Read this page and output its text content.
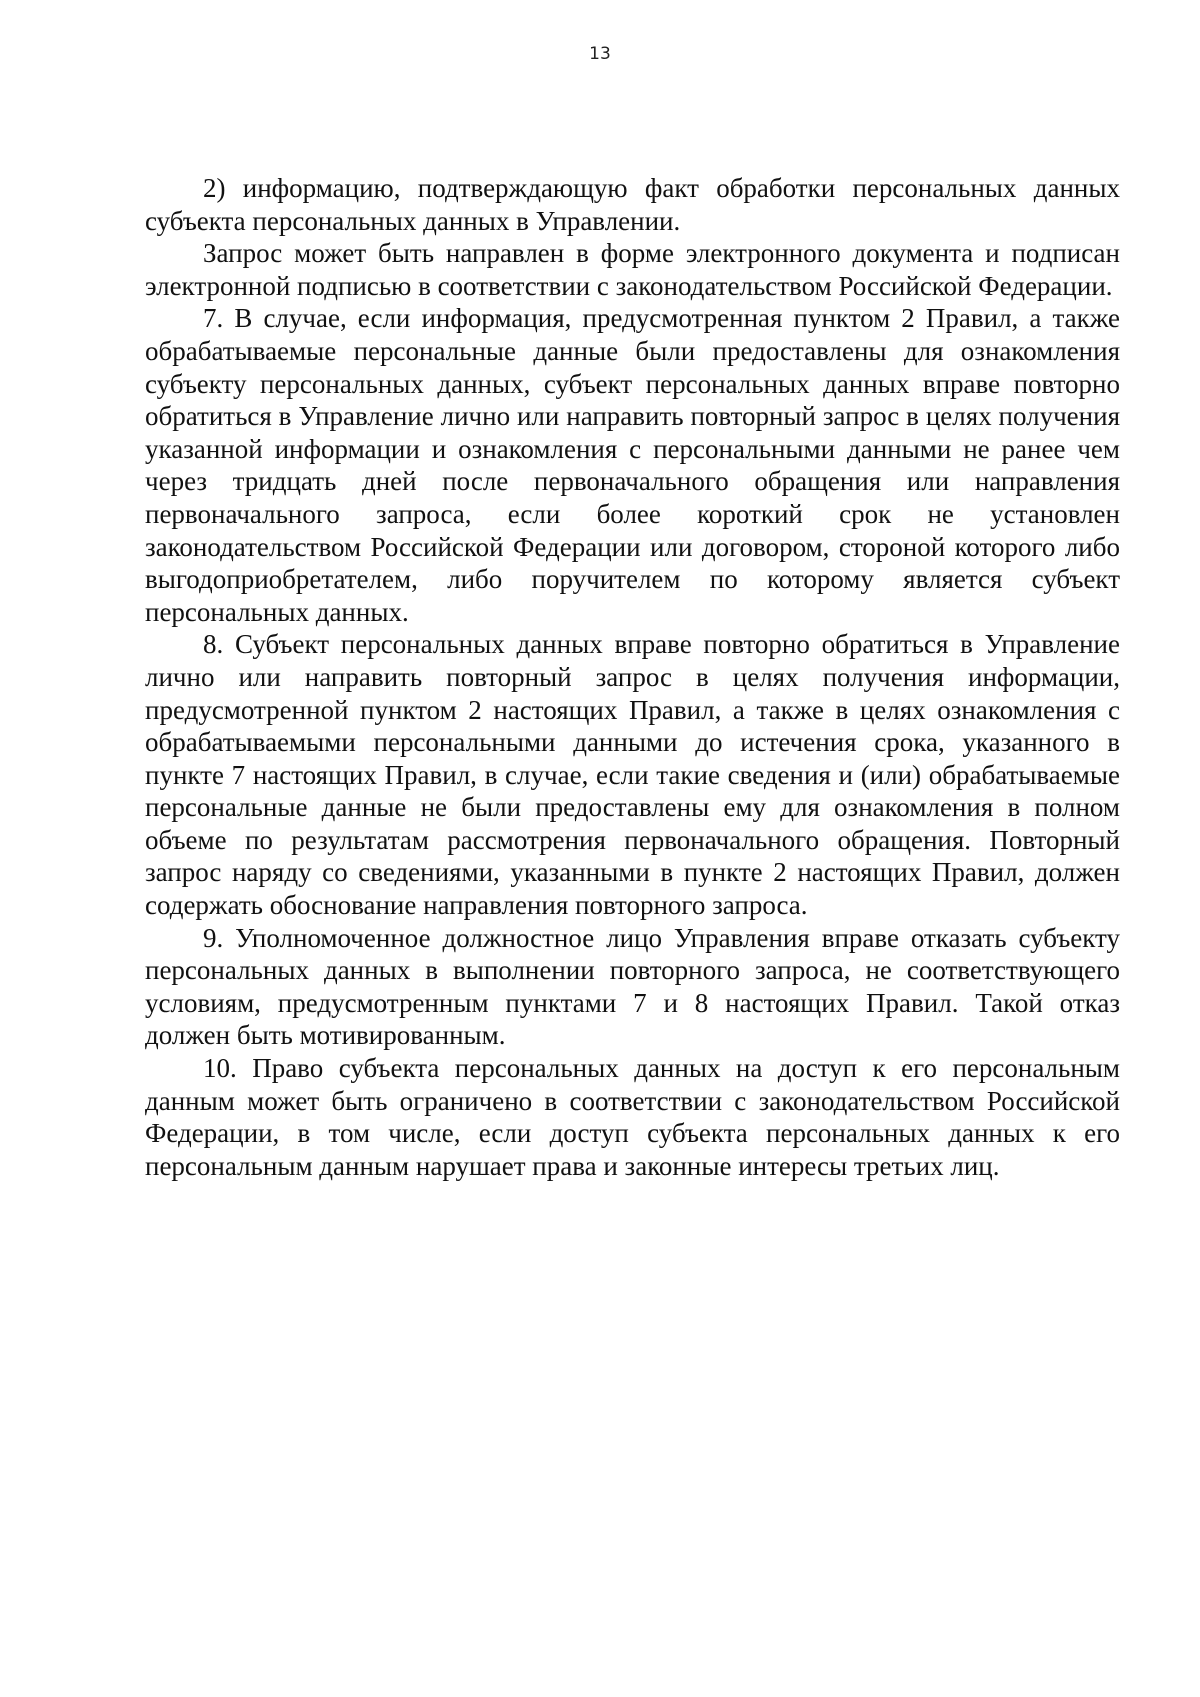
13

2) информацию, подтверждающую факт обработки персональных данных субъекта персональных данных в Управлении.

Запрос может быть направлен в форме электронного документа и подписан электронной подписью в соответствии с законодательством Российской Федерации.

7. В случае, если информация, предусмотренная пунктом 2 Правил, а также обрабатываемые персональные данные были предоставлены для ознакомления субъекту персональных данных, субъект персональных данных вправе повторно обратиться в Управление лично или направить повторный запрос в целях получения указанной информации и ознакомления с персональными данными не ранее чем через тридцать дней после первоначального обращения или направления первоначального запроса, если более короткий срок не установлен законодательством Российской Федерации или договором, стороной которого либо выгодоприобретателем, либо поручителем по которому является субъект персональных данных.

8. Субъект персональных данных вправе повторно обратиться в Управление лично или направить повторный запрос в целях получения информации, предусмотренной пунктом 2 настоящих Правил, а также в целях ознакомления с обрабатываемыми персональными данными до истечения срока, указанного в пункте 7 настоящих Правил, в случае, если такие сведения и (или) обрабатываемые персональные данные не были предоставлены ему для ознакомления в полном объеме по результатам рассмотрения первоначального обращения. Повторный запрос наряду со сведениями, указанными в пункте 2 настоящих Правил, должен содержать обоснование направления повторного запроса.

9. Уполномоченное должностное лицо Управления вправе отказать субъекту персональных данных в выполнении повторного запроса, не соответствующего условиям, предусмотренным пунктами 7 и 8 настоящих Правил. Такой отказ должен быть мотивированным.

10. Право субъекта персональных данных на доступ к его персональным данным может быть ограничено в соответствии с законодательством Российской Федерации, в том числе, если доступ субъекта персональных данных к его персональным данным нарушает права и законные интересы третьих лиц.
